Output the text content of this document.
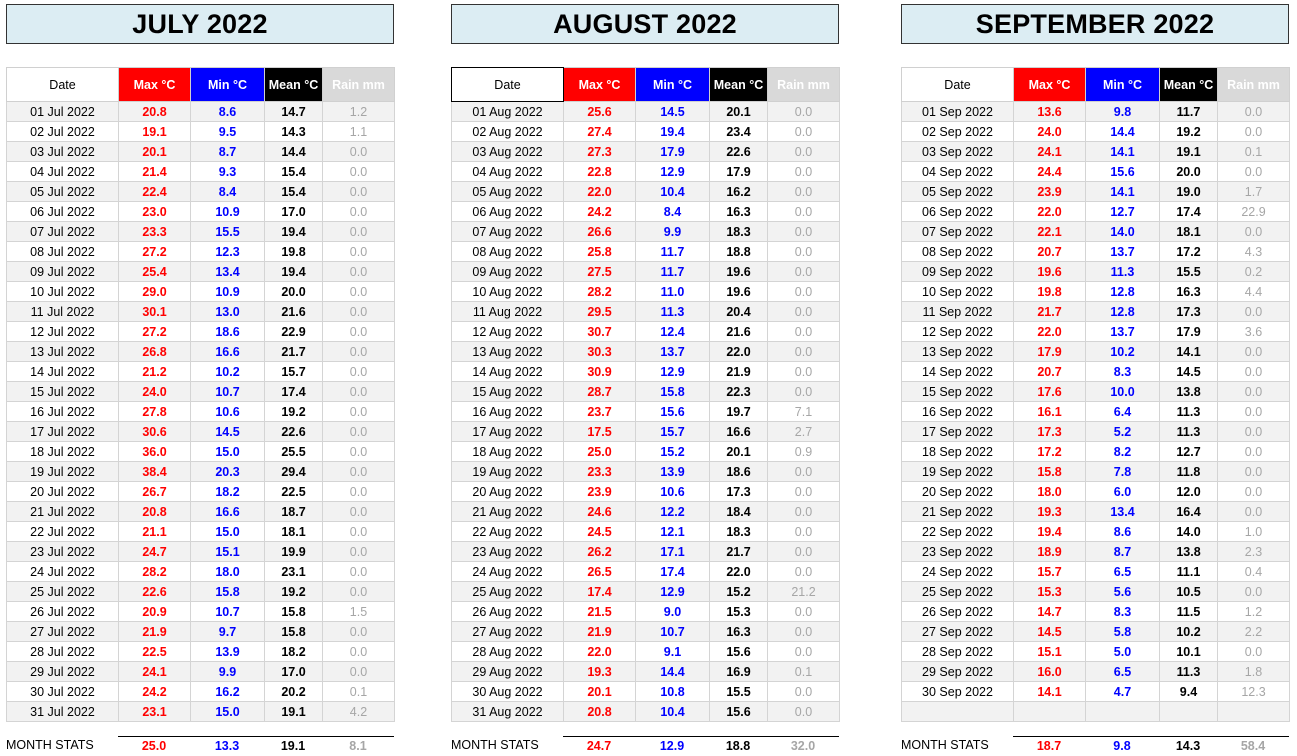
JULY 2022
Date	Max °C	Min °C	Mean °C	Rain mm
01 Jul 2022	20.8	8.6	14.7	1.2
02 Jul 2022	19.1	9.5	14.3	1.1
03 Jul 2022	20.1	8.7	14.4	0.0
04 Jul 2022	21.4	9.3	15.4	0.0
05 Jul 2022	22.4	8.4	15.4	0.0
06 Jul 2022	23.0	10.9	17.0	0.0
07 Jul 2022	23.3	15.5	19.4	0.0
08 Jul 2022	27.2	12.3	19.8	0.0
09 Jul 2022	25.4	13.4	19.4	0.0
10 Jul 2022	29.0	10.9	20.0	0.0
11 Jul 2022	30.1	13.0	21.6	0.0
12 Jul 2022	27.2	18.6	22.9	0.0
13 Jul 2022	26.8	16.6	21.7	0.0
14 Jul 2022	21.2	10.2	15.7	0.0
15 Jul 2022	24.0	10.7	17.4	0.0
16 Jul 2022	27.8	10.6	19.2	0.0
17 Jul 2022	30.6	14.5	22.6	0.0
18 Jul 2022	36.0	15.0	25.5	0.0
19 Jul 2022	38.4	20.3	29.4	0.0
20 Jul 2022	26.7	18.2	22.5	0.0
21 Jul 2022	20.8	16.6	18.7	0.0
22 Jul 2022	21.1	15.0	18.1	0.0
23 Jul 2022	24.7	15.1	19.9	0.0
24 Jul 2022	28.2	18.0	23.1	0.0
25 Jul 2022	22.6	15.8	19.2	0.0
26 Jul 2022	20.9	10.7	15.8	1.5
27 Jul 2022	21.9	9.7	15.8	0.0
28 Jul 2022	22.5	13.9	18.2	0.0
29 Jul 2022	24.1	9.9	17.0	0.0
30 Jul 2022	24.2	16.2	20.2	0.1
31 Jul 2022	23.1	15.0	19.1	4.2
MONTH STATS	25.0	13.3	19.1	8.1
AUGUST 2022
Date	Max °C	Min °C	Mean °C	Rain mm
01 Aug 2022	25.6	14.5	20.1	0.0
02 Aug 2022	27.4	19.4	23.4	0.0
03 Aug 2022	27.3	17.9	22.6	0.0
04 Aug 2022	22.8	12.9	17.9	0.0
05 Aug 2022	22.0	10.4	16.2	0.0
06 Aug 2022	24.2	8.4	16.3	0.0
07 Aug 2022	26.6	9.9	18.3	0.0
08 Aug 2022	25.8	11.7	18.8	0.0
09 Aug 2022	27.5	11.7	19.6	0.0
10 Aug 2022	28.2	11.0	19.6	0.0
11 Aug 2022	29.5	11.3	20.4	0.0
12 Aug 2022	30.7	12.4	21.6	0.0
13 Aug 2022	30.3	13.7	22.0	0.0
14 Aug 2022	30.9	12.9	21.9	0.0
15 Aug 2022	28.7	15.8	22.3	0.0
16 Aug 2022	23.7	15.6	19.7	7.1
17 Aug 2022	17.5	15.7	16.6	2.7
18 Aug 2022	25.0	15.2	20.1	0.9
19 Aug 2022	23.3	13.9	18.6	0.0
20 Aug 2022	23.9	10.6	17.3	0.0
21 Aug 2022	24.6	12.2	18.4	0.0
22 Aug 2022	24.5	12.1	18.3	0.0
23 Aug 2022	26.2	17.1	21.7	0.0
24 Aug 2022	26.5	17.4	22.0	0.0
25 Aug 2022	17.4	12.9	15.2	21.2
26 Aug 2022	21.5	9.0	15.3	0.0
27 Aug 2022	21.9	10.7	16.3	0.0
28 Aug 2022	22.0	9.1	15.6	0.0
29 Aug 2022	19.3	14.4	16.9	0.1
30 Aug 2022	20.1	10.8	15.5	0.0
31 Aug 2022	20.8	10.4	15.6	0.0
MONTH STATS	24.7	12.9	18.8	32.0
SEPTEMBER 2022
Date	Max °C	Min °C	Mean °C	Rain mm
01 Sep 2022	13.6	9.8	11.7	0.0
02 Sep 2022	24.0	14.4	19.2	0.0
03 Sep 2022	24.1	14.1	19.1	0.1
04 Sep 2022	24.4	15.6	20.0	0.0
05 Sep 2022	23.9	14.1	19.0	1.7
06 Sep 2022	22.0	12.7	17.4	22.9
07 Sep 2022	22.1	14.0	18.1	0.0
08 Sep 2022	20.7	13.7	17.2	4.3
09 Sep 2022	19.6	11.3	15.5	0.2
10 Sep 2022	19.8	12.8	16.3	4.4
11 Sep 2022	21.7	12.8	17.3	0.0
12 Sep 2022	22.0	13.7	17.9	3.6
13 Sep 2022	17.9	10.2	14.1	0.0
14 Sep 2022	20.7	8.3	14.5	0.0
15 Sep 2022	17.6	10.0	13.8	0.0
16 Sep 2022	16.1	6.4	11.3	0.0
17 Sep 2022	17.3	5.2	11.3	0.0
18 Sep 2022	17.2	8.2	12.7	0.0
19 Sep 2022	15.8	7.8	11.8	0.0
20 Sep 2022	18.0	6.0	12.0	0.0
21 Sep 2022	19.3	13.4	16.4	0.0
22 Sep 2022	19.4	8.6	14.0	1.0
23 Sep 2022	18.9	8.7	13.8	2.3
24 Sep 2022	15.7	6.5	11.1	0.4
25 Sep 2022	15.3	5.6	10.5	0.0
26 Sep 2022	14.7	8.3	11.5	1.2
27 Sep 2022	14.5	5.8	10.2	2.2
28 Sep 2022	15.1	5.0	10.1	0.0
29 Sep 2022	16.0	6.5	11.3	1.8
30 Sep 2022	14.1	4.7	9.4	12.3

MONTH STATS	18.7	9.8	14.3	58.4
